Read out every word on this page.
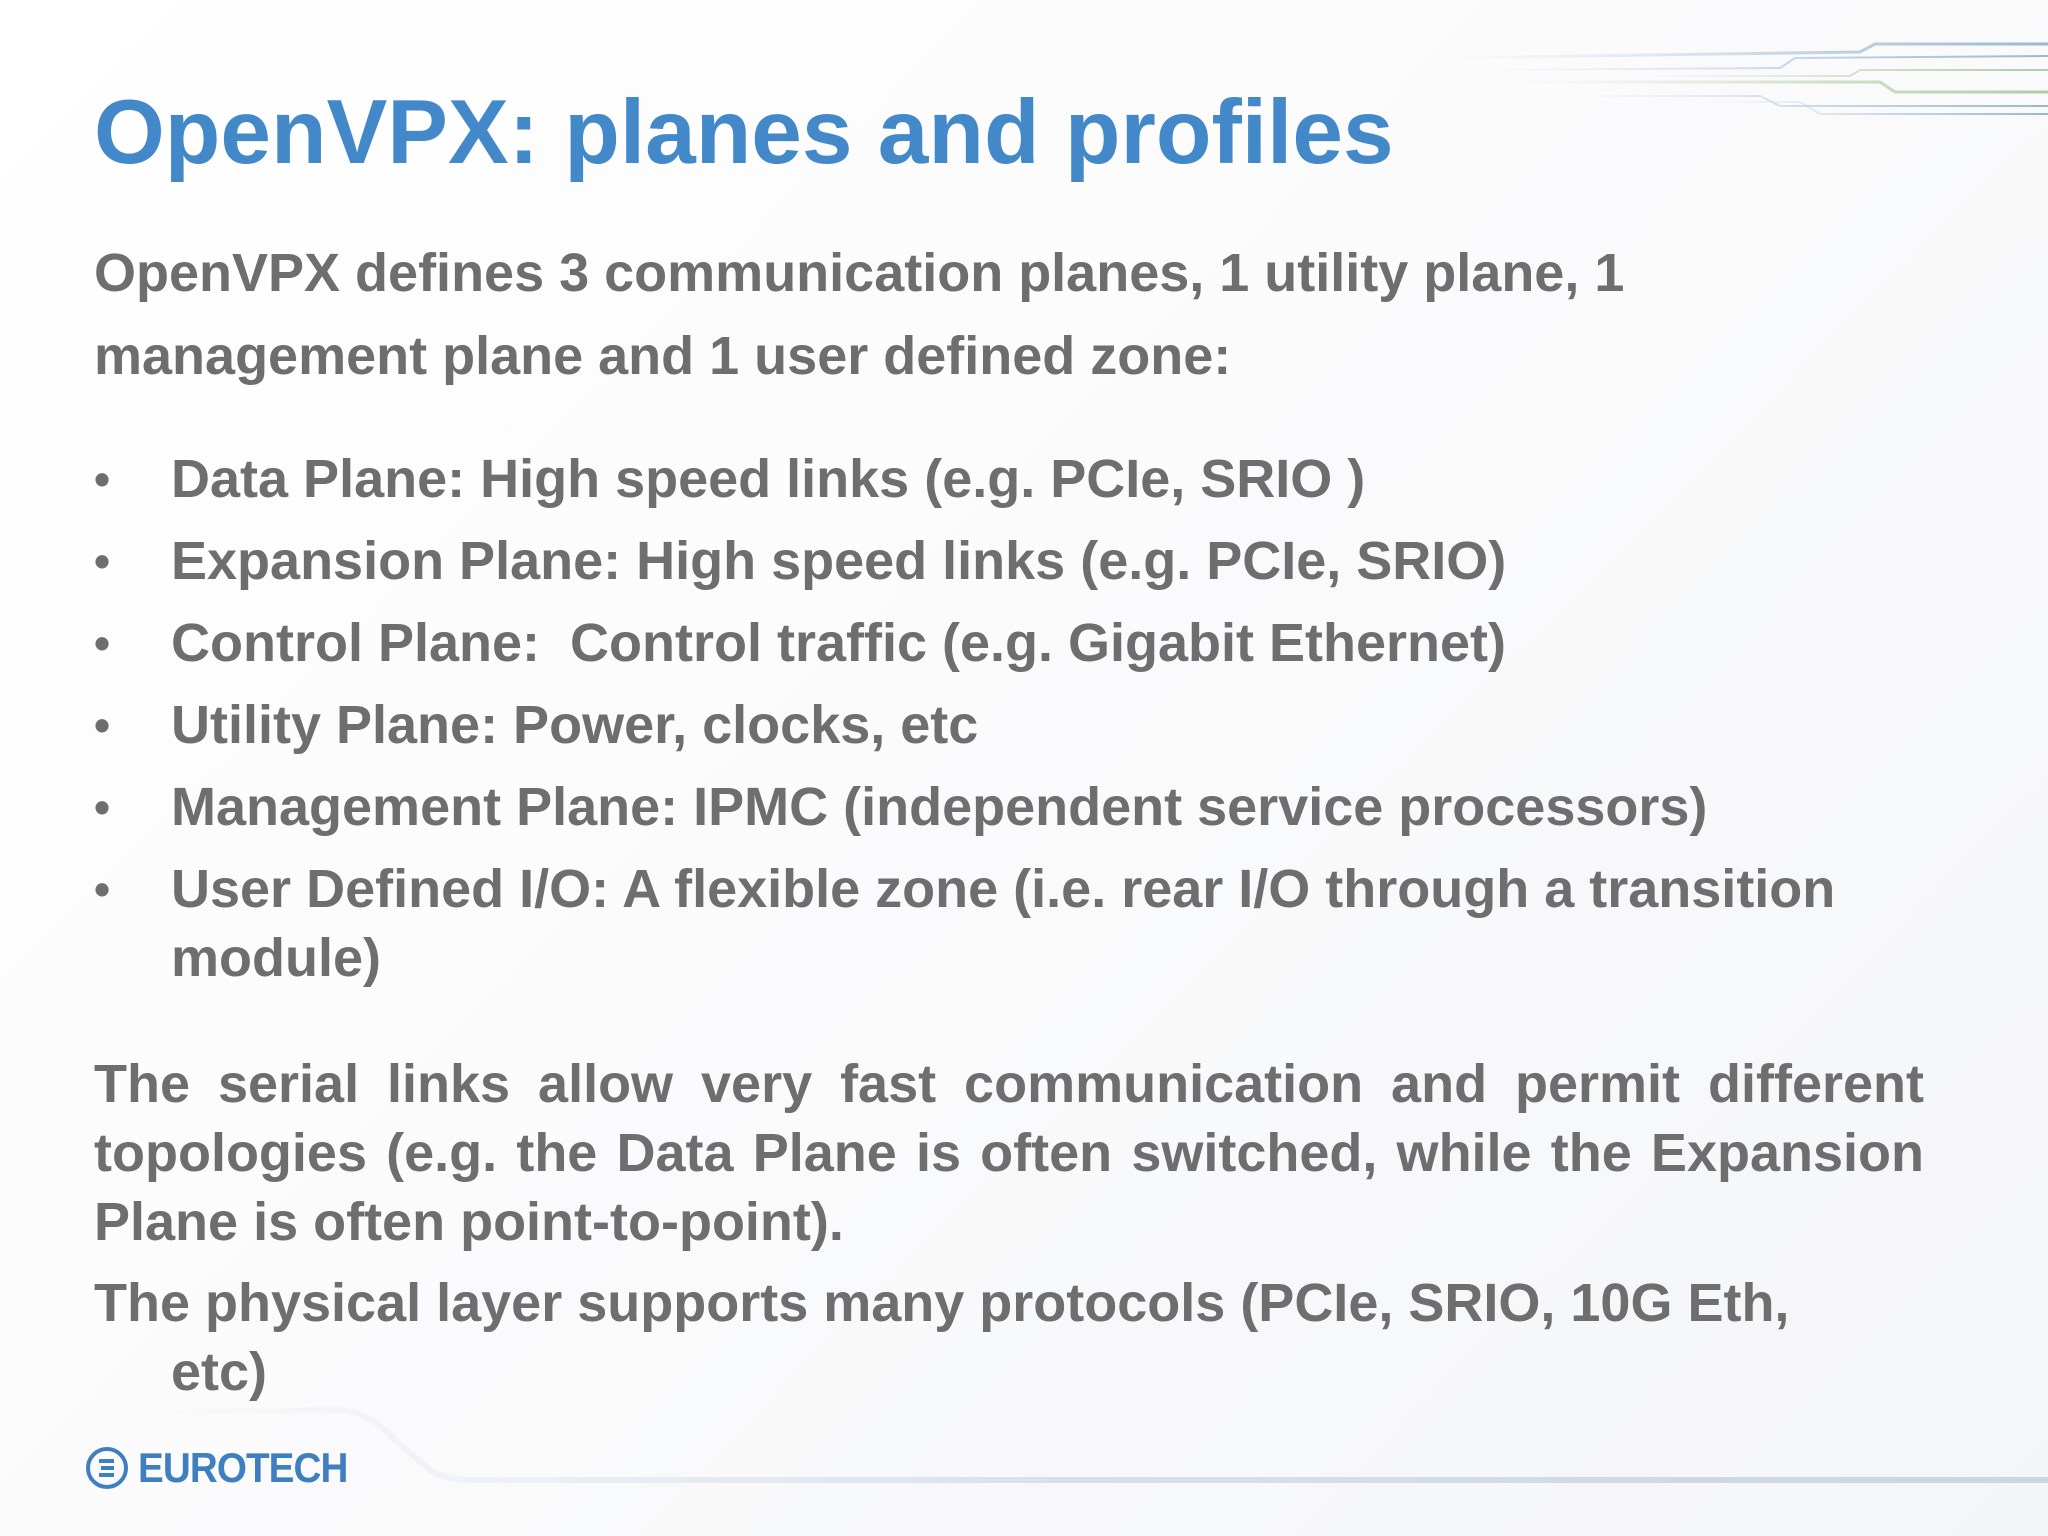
OpenVPX: planes and profiles
OpenVPX defines 3 communication planes, 1 utility plane, 1
management plane and 1 user defined zone:
• Data Plane: High speed links (e.g. PCIe, SRIO )
• Expansion Plane: High speed links (e.g. PCIe, SRIO)
• Control Plane:  Control traffic (e.g. Gigabit Ethernet)
• Utility Plane: Power, clocks, etc
• Management Plane: IPMC (independent service processors)
• User Defined I/O: A flexible zone (i.e. rear I/O through a transition module)

The serial links allow very fast communication and permit different topologies (e.g. the Data Plane is often switched, while the Expansion Plane is often point-to-point).

The physical layer supports many protocols (PCIe, SRIO, 10G Eth,
etc)
EUROTECH
